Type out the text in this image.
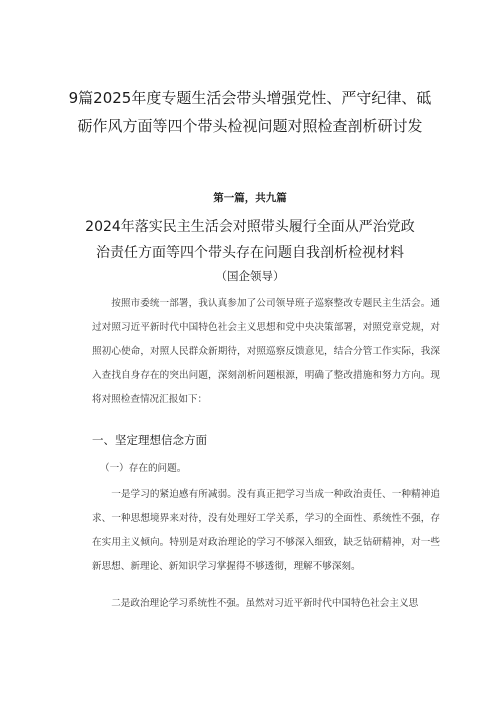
9篇2025年度专题生活会带头增强党性、严守纪律、砥
砺作风方面等四个带头检视问题对照检查剖析研讨发
第一篇，共九篇
2024年落实民主生活会对照带头履行全面从严治党政
治责任方面等四个带头存在问题自我剖析检视材料
（国企领导）

按照市委统一部署，我认真参加了公司领导班子巡察整改专题民主生活会。通过对照习近平新时代中国特色社会主义思想和党中央决策部署，对照党章党规，对照初心使命，对照人民群众新期待，对照巡察反馈意见，结合分管工作实际，我深入查找自身存在的突出问题，深刻剖析问题根源，明确了整改措施和努力方向。现将对照检查情况汇报如下：

一、坚定理想信念方面
（一）存在的问题。

一是学习的紧迫感有所减弱。没有真正把学习当成一种政治责任、一种精神追求、一种思想境界来对待，没有处理好工学关系，学习的全面性、系统性不强，存在实用主义倾向。特别是对政治理论的学习不够深入细致，缺乏钻研精神，对一些新思想、新理论、新知识学习掌握得不够透彻，理解不够深刻。

二是政治理论学习系统性不强。虽然对习近平新时代中国特色社会主义思
